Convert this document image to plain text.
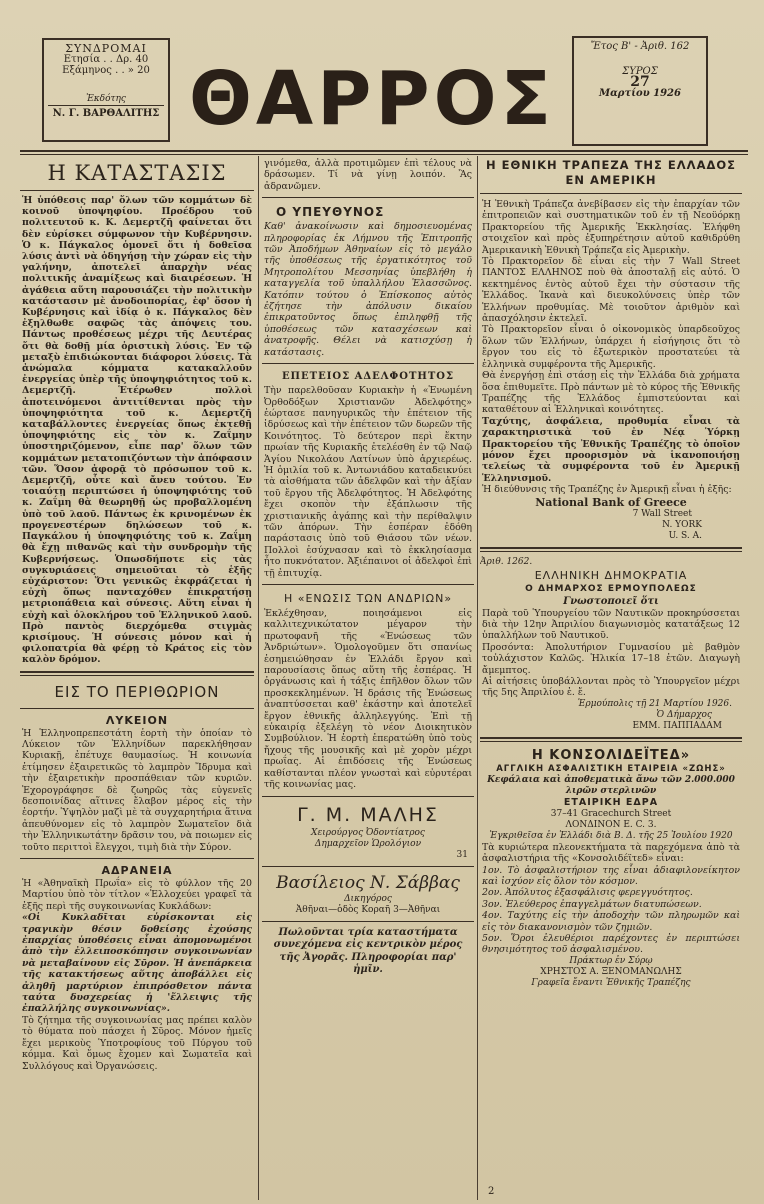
ΣΥΝΔΡΟΜΑΙ
Ετησία . . Δρ. 40
Εξάμηνος . . » 20
Ἐκδότης
Ν. Γ. ΒΑΡΘΑΛΙΤΗΣ ΘΑΡΡΟΣ
Ἔτος Β' - Ἀριθ. 162
ΣΥΡΟΣ
27
Μαρτίου 1926
Η ΚΑΤΑΣΤΑΣΙΣ

Ἡ ὑπόθεσις παρ' ὅλων τῶν κομμάτων δὲ κοινοῦ ὑποψηφίου. Προέδρου τοῦ πολιτευτοῦ κ. Κ. Δεμερτζῆ φαίνεται ὅτι δὲν εὑρίσκει σύμφωνον τὴν Κυβέρνησιν. Ὁ κ. Πάγκαλος ὁμονεῖ ὅτι ἡ δοθεῖσα λύσις ἀντὶ νὰ ὁδηγήσῃ τὴν χώραν εἰς τὴν γαλήνην, ἀποτελεῖ ἀπαρχὴν νέας πολιτικῆς ἀναμίξεως καὶ διαιρέσεων. Ἡ ἀγάθεια αὕτη παρουσιάζει τὴν πολιτικὴν κατάστασιν μὲ ἀνοδοιπορίας, ἐφ' ὅσον ἡ Κυβέρνησις καὶ ἰδίᾳ ὁ κ. Πάγκαλος δὲν ἐξηλθωθε σαφῶς τὰς ἀπόψεις του. Πάντως προθέσεως μέχρι τῆς Δευτέρας ὅτι θὰ δοθῇ μία ὁριστικὴ λύσις. Ἐν τῷ μεταξὺ ἐπιδιώκονται διάφοροι λύσεις. Τὰ ἀνώμαλα κόμματα κατακαλλοῦν ἐνεργείας ὑπὲρ τῆς ὑποψηφιότητος τοῦ κ. Δεμερτζῆ. Ἑτέρωθεν πολλοὶ ἀποτεινόμενοι ἀντιτίθενται πρὸς τὴν ὑποψηφιότητα τοῦ κ. Δεμερτζῆ καταβάλλοντες ἐνεργείας ὅπως ἐκτεθῇ ὑποψηφιότης εἰς τὸν κ. Ζαΐμην ὑποστηριζόμενον, εἶπε παρ' ὅλων τῶν κομμάτων μετατοπιζόντων τὴν ἀπόφασιν τῶν. Ὅσον ἀφορᾷ τὸ πρόσωπον τοῦ κ. Δεμερτζῆ, οὗτε καὶ ἄνευ τούτου. Ἐν τοιαύτῃ περιπτώσει ἡ ὑποψηφιότης τοῦ κ. Ζαΐμη θὰ θεωρηθῇ ὡς προβαλλομένη ὑπὸ τοῦ λαοῦ. Πάντως ἐκ κρινομένων ἐκ προγενεστέρων δηλώσεων τοῦ κ. Παγκάλου ἡ ὑποψηφιότης τοῦ κ. Ζαΐμη θὰ ἔχῃ πιθανῶς καὶ τὴν συνδρομὴν τῆς Κυβερνήσεως. Ὁπωσδήποτε εἰς τὰς συγκυριάσεις σημειοῦται τὸ ἑξῆς εὐχάριστον: Ὅτι γενικῶς ἐκφράζεται ἡ εὐχὴ ὅπως πανταχόθεν ἐπικρατήσῃ μετριοπάθεια καὶ σύνεσις. Αὕτη εἶναι ἡ εὐχὴ καὶ ὁλοκλήρου τοῦ Ἑλληνικοῦ λαοῦ. Πρὸ παντὸς διερχόμεθα στιγμὰς κρισίμους. Ἡ σύνεσις μόνον καὶ ἡ φιλοπατρία θὰ φέρῃ τὸ Κράτος εἰς τὸν καλὸν δρόμον.

ΕΙΣ ΤΟ ΠΕΡΙΘΩΡΙΟΝ
ΛΥΚΕΙΟΝ

Ἡ Ἑλληνοπρεπεστάτη ἑορτὴ τὴν ὁποίαν τὸ Λύκειον τῶν Ἑλληνίδων παρεκλήθησαν Κυριακῇ, ἐπέτυχε θαυμασίως. Ἡ κοινωνία ἐτίμησεν ἐξαιρετικῶς τὸ λαμπρὸν Ἴδρυμα καὶ τὴν ἐξαιρετικὴν προσπάθειαν τῶν κυριῶν. Ἐχορογράφησε δὲ ζωηρῶς τὰς εὐγενεῖς δεσποινίδας αἵτινες ἔλαβον μέρος εἰς τὴν ἑορτήν. Ὑψηλὸν μαζὶ μὲ τὰ συγχαρητήρια ἅτινα ἀπευθύνομεν εἰς τὸ λαμπρὸν Σωματεῖον διὰ τὴν Ἑλληνικωτάτην δρᾶσιν του, νὰ ποιωμεν εἰς τοῦτο περιττοὶ ἔλεγχοι, τιμὴ διὰ τὴν Σύρον.

ΑΔΡΑΝΕΙΑ

Ἡ «Ἀθηναϊκὴ Πρωΐα» εἰς τὸ φύλλον τῆς 20 Μαρτίου ὑπὸ τὸν τίτλον «Ἐλλοχεύει γραφεῖ τὰ ἑξῆς περὶ τῆς συγκοινωνίας Κυκλάδων:

«Οἱ Κυκλαδῖται εὑρίσκονται εἰς τραγικὴν θέσιν δοθείσης ἐχούσης ἐπαρχίας ὑποθέσεις εἶναι ἀπομονωμένοι ἀπὸ τὴν ἐλλειποσκόπησιν συγκοινωνίαν νὰ μεταβαίνουν εἰς Σῦρον. Ἡ ἀνεπάρκεια τῆς κατακτήσεως αὕτης ἀποβάλλει εἰς ἀληθῆ μαρτύριον ἐπιπρόσθετον πάντα ταύτα δυσχερείας ἡ 'ἔλλειψις τῆς ἐπαλλήλης συγκοινωνίας».

Τὸ ζήτημα τῆς συγκοινωνίας μας πρέπει καλὸν τὸ θύματα ποὺ πάσχει ἡ Σῦρος. Μόνον ἡμεῖς ἔχει μερικοὺς Ὑποτροφίους τοῦ Πύργου τοῦ κόμμα. Καὶ ὅμως ἔχομεν καὶ Σωματεῖα καὶ Συλλόγους καὶ Ὀργανώσεις.

γινόμεθα, ἀλλὰ προτιμῶμεν ἐπὶ τέλους νὰ δράσωμεν. Τί νὰ γίνῃ λοιπόν. Ἂς ἀδρανῶμεν.

Ο ΥΠΕΥΘΥΝΟΣ

Καθ' ἀνακοίνωσιν καὶ δημοσιευομένας πληροφορίας ἐκ Λήμνου τῆς Ἐπιτροπῆς τῶν Ἀποδήμων Ἀθηναίων εἰς τὸ μεγάλο τῆς ὑποθέσεως τῆς ἐργατικότητος τοῦ Μητροπολίτου Μεσσηνίας ὑπεβλήθη ἡ καταγγελία τοῦ ὑπαλλήλου Ἐλασσῶνος. Κατόπιν τούτου ὁ Ἐπίσκοπος αὐτὸς ἐζήτησε τὴν ἀπόλυσιν δικαίου ἐπικρατοῦντος ὅπως ἐπιληφθῇ τῆς ὑποθέσεως τῶν κατασχέσεων καὶ ἀνατροφῆς. Θέλει νὰ κατισχύσῃ ἡ κατάστασις.

ΕΠΕΤΕΙΟΣ ΑΔΕΛΦΟΤΗΤΟΣ

Τὴν παρελθοῦσαν Κυριακὴν ἡ «Ἑνωμένη Ὀρθοδόξων Χριστιανῶν Ἀδελφότης» ἐώρτασε πανηγυρικῶς τὴν ἐπέτειον τῆς ἱδρύσεως καὶ τὴν ἐπέτειον τῶν δωρεῶν τῆς Κοινότητος. Τὸ δεύτερον περὶ ἕκτην πρωίαν τῆς Κυριακῆς ἐτελέσθη ἐν τῷ Ναῷ Ἁγίου Νικολάου Λατίνων ὑπὸ ἀρχιερέως. Ἡ ὁμιλία τοῦ κ. Ἀντωνιάδου καταδεικνύει τὰ αἰσθήματα τῶν ἀδελφῶν καὶ τὴν ἀξίαν τοῦ ἔργου τῆς Ἀδελφότητος. Ἡ Ἀδελφότης ἔχει σκοπὸν τὴν ἐξάπλωσιν τῆς χριστιανικῆς ἀγάπης καὶ τὴν περίθαλψιν τῶν ἀπόρων. Τὴν ἑσπέραν ἐδόθη παράστασις ὑπὸ τοῦ Θιάσου τῶν νέων. Πολλοὶ ἐσύχνασαν καὶ τὸ ἐκκλησίασμα ἦτο πυκνότατον. Ἀξιέπαινοι οἱ ἀδελφοὶ ἐπὶ τῇ ἐπιτυχίᾳ.

Η «ΕΝΩΣΙΣ ΤΩΝ ΑΝΔΡΙΩΝ»

Ἐκλέχθησαν, ποιησάμενοι εἰς καλλιτεχνικώτατον μέγαρον τὴν πρωτοφανῆ τῆς «Ἑνώσεως τῶν Ἀνδριώτων». Ὁμολογοῦμεν ὅτι σπανίως ἐσημειώθησαν ἐν Ἑλλάδι ἔργον καὶ παρουσίασις ὅπως αὕτη τῆς ἑσπέρας. Ἡ ὀργάνωσις καὶ ἡ τάξις ἐπῆλθον ὅλων τῶν προσκεκλημένων. Ἡ δράσις τῆς Ἑνώσεως ἀναπτύσσεται καθ' ἑκάστην καὶ ἀποτελεῖ ἔργον ἐθνικῆς ἀλληλεγγύης. Ἐπὶ τῇ εὐκαιρίᾳ ἐξελέγη τὸ νέον Διοικητικὸν Συμβούλιον. Ἡ ἑορτὴ ἐπερατώθη ὑπὸ τοὺς ἤχους τῆς μουσικῆς καὶ μὲ χορὸν μέχρι πρωΐας. Αἱ ἐπιδόσεις τῆς Ἑνώσεως καθίστανται πλέον γνωσταὶ καὶ εὐρυτέραι τῆς κοινωνίας μας.

Γ. Μ. ΜΑΛΗΣ
Χειρούργος Ὀδοντίατρος
Δημαρχεῖον Ὡρολόγιον
31
Βασίλειος Ν. Σάββας
Δικηγόρος
Ἀθῆναι—ὁδὸς Κοραῆ 3—Ἀθῆναι

Πωλοῦνται τρία καταστήματα συνεχόμενα εἰς κεντρικὸν μέρος τῆς Ἀγορᾶς. Πληροφορίαι παρ' ἡμῖν.

Η ΕΘΝΙΚΗ ΤΡΑΠΕΖΑ ΤΗΣ ΕΛΛΑΔΟΣ ΕΝ ΑΜΕΡΙΚΗ

Ἡ Ἐθνικὴ Τράπεζα ἀνεβίβασεν εἰς τὴν ἐπαρχίαν τῶν ἐπιτροπειῶν καὶ συστηματικῶν τοῦ ἐν τῇ Νεοϋόρκῃ Πρακτορείου τῆς Ἀμερικῆς Ἐκκλησίας. Ἐλήφθη στοιχεῖον καὶ πρὸς ἐξυπηρέτησιν αὐτοῦ καθιδρύθη Ἀμερικανικὴ Ἐθνικὴ Τράπεζα εἰς Ἀμερικὴν.

Τὸ Πρακτορεῖον δὲ εἶναι εἰς τὴν 7 Wall Street ΠΑΝΤΟΣ ΕΛΛΗΝΟΣ ποὺ θὰ ἀποσταλῇ εἰς αὐτό. Ὁ κεκτημένος ἐντὸς αὐτοῦ ἔχει τὴν σύστασιν τῆς Ἑλλάδος. Ἱκανὰ καὶ διευκολύνσεις ὑπὲρ τῶν Ἑλλήνων προθυμίας. Μὲ τοιοῦτον ἀριθμὸν καὶ ἀπασχόλησιν ἐκτελεῖ.

Τὸ Πρακτορεῖον εἶναι ὁ οἰκονομικὸς ὑπαρδεοῦχος ὅλων τῶν Ἑλλήνων, ὑπάρχει ἡ εἰσήγησις ὅτι τὸ ἔργον του εἰς τὸ ἐξωτερικὸν προστατεύει τὰ ἑλληνικὰ συμφέροντα τῆς Ἀμερικῆς.

Θὰ ἐνεργήσῃ ἐπὶ στάσῃ εἰς τὴν Ἑλλάδα διὰ χρήματα ὅσα ἐπιθυμεῖτε. Πρὸ πάντων μὲ τὸ κύρος τῆς Ἐθνικῆς Τραπέζης τῆς Ἑλλάδος ἐμπιστεύονται καὶ καταθέτουν αἱ Ἑλληνικαὶ κοινότητες.

Ταχύτης, ἀσφάλεια, προθυμία εἶναι τὰ χαρακτηριστικὰ τοῦ ἐν Νέᾳ Ὑόρκῃ Πρακτορείου τῆς Ἐθνικῆς Τραπέζης τὸ ὁποῖον μόνον ἔχει προορισμὸν νὰ ἱκανοποιήσῃ τελείως τὰ συμφέροντα τοῦ ἐν Ἀμερικῇ Ἑλληνισμοῦ.

Ἡ διεύθυνσις τῆς Τραπέζης ἐν Ἀμερικῇ εἶναι ἡ ἑξῆς:

National Bank of Greece
7 Wall Street
N. YORK
U. S. A.
Ἀριθ. 1262.
ΕΛΛΗΝΙΚΗ ΔΗΜΟΚΡΑΤΙΑ
Ο ΔΗΜΑΡΧΟΣ ΕΡΜΟΥΠΟΛΕΩΣ
Γνωστοποιεῖ ὅτι

Παρὰ τοῦ Ὑπουργείου τῶν Ναυτικῶν προκηρύσσεται διὰ τὴν 12ην Ἀπριλίου διαγωνισμὸς κατατάξεως 12 ὑπαλλήλων τοῦ Ναυτικοῦ.

Προσόντα: Ἀπολυτήριον Γυμνασίου μὲ βαθμὸν τοὐλάχιστον Καλῶς. Ἡλικία 17–18 ἐτῶν. Διαγωγὴ ἄμεμπτος.

Αἱ αἰτήσεις ὑποβάλλονται πρὸς τὸ Ὑπουργεῖον μέχρι τῆς 5ης Ἀπριλίου ἐ. ἔ.

Ἑρμούπολις τῇ 21 Μαρτίου 1926.
Ὁ Δήμαρχος
ΕΜΜ. ΠΑΠΠΑΔΑΜ
Η ΚΟΝΣΟΛΙΔΕΪΤΕΔ»
ΑΓΓΛΙΚΗ ΑΣΦΑΛΙΣΤΙΚΗ ΕΤΑΙΡΕΙΑ «ΖΩΗΣ»
Κεφάλαια καὶ ἀποθεματικὰ ἄνω τῶν 2.000.000 λιρῶν στερλινῶν
ΕΤΑΙΡΙΚΗ ΕΔΡΑ
37–41 Gracechurch Street
ΛΟΝΔΙΝΟΝ Ε. C. 3.
Ἐγκριθεῖσα ἐν Ἑλλάδι διὰ Β. Δ. τῆς 25 Ἰουλίου 1920

Τὰ κυριώτερα πλεονεκτήματα τὰ παρεχόμενα ἀπὸ τὰ ἀσφαλιστήρια τῆς «Κονσολιδέϊτεδ» εἶναι:

1ον. Τὸ ἀσφαλιστήριον της εἶναι ἀδιαφιλονείκητον καὶ ἰσχύον εἰς ὅλον τὸν κόσμον.

2ον. Ἀπόλυτος ἐξασφάλισις φερεγγυότητος.

3ον. Ἐλεύθερος ἐπαγγελμάτων διατυπώσεων.

4ον. Ταχύτης εἰς τὴν ἀποδοχὴν τῶν πληρωμῶν καὶ εἰς τὸν διακανονισμὸν τῶν ζημιῶν.

5ον. Ὅροι ἐλευθέριοι παρέχοντες ἐν περιπτώσει θνησιμότητος τοῦ ἀσφαλισμένου.

Πράκτωρ ἐν Σύρῳ
ΧΡΗΣΤΟΣ Α. ΞΕΝΟΜΑΝΩΛΗΣ
Γραφεῖα ἔναντι Ἐθνικῆς Τραπέζης
2
